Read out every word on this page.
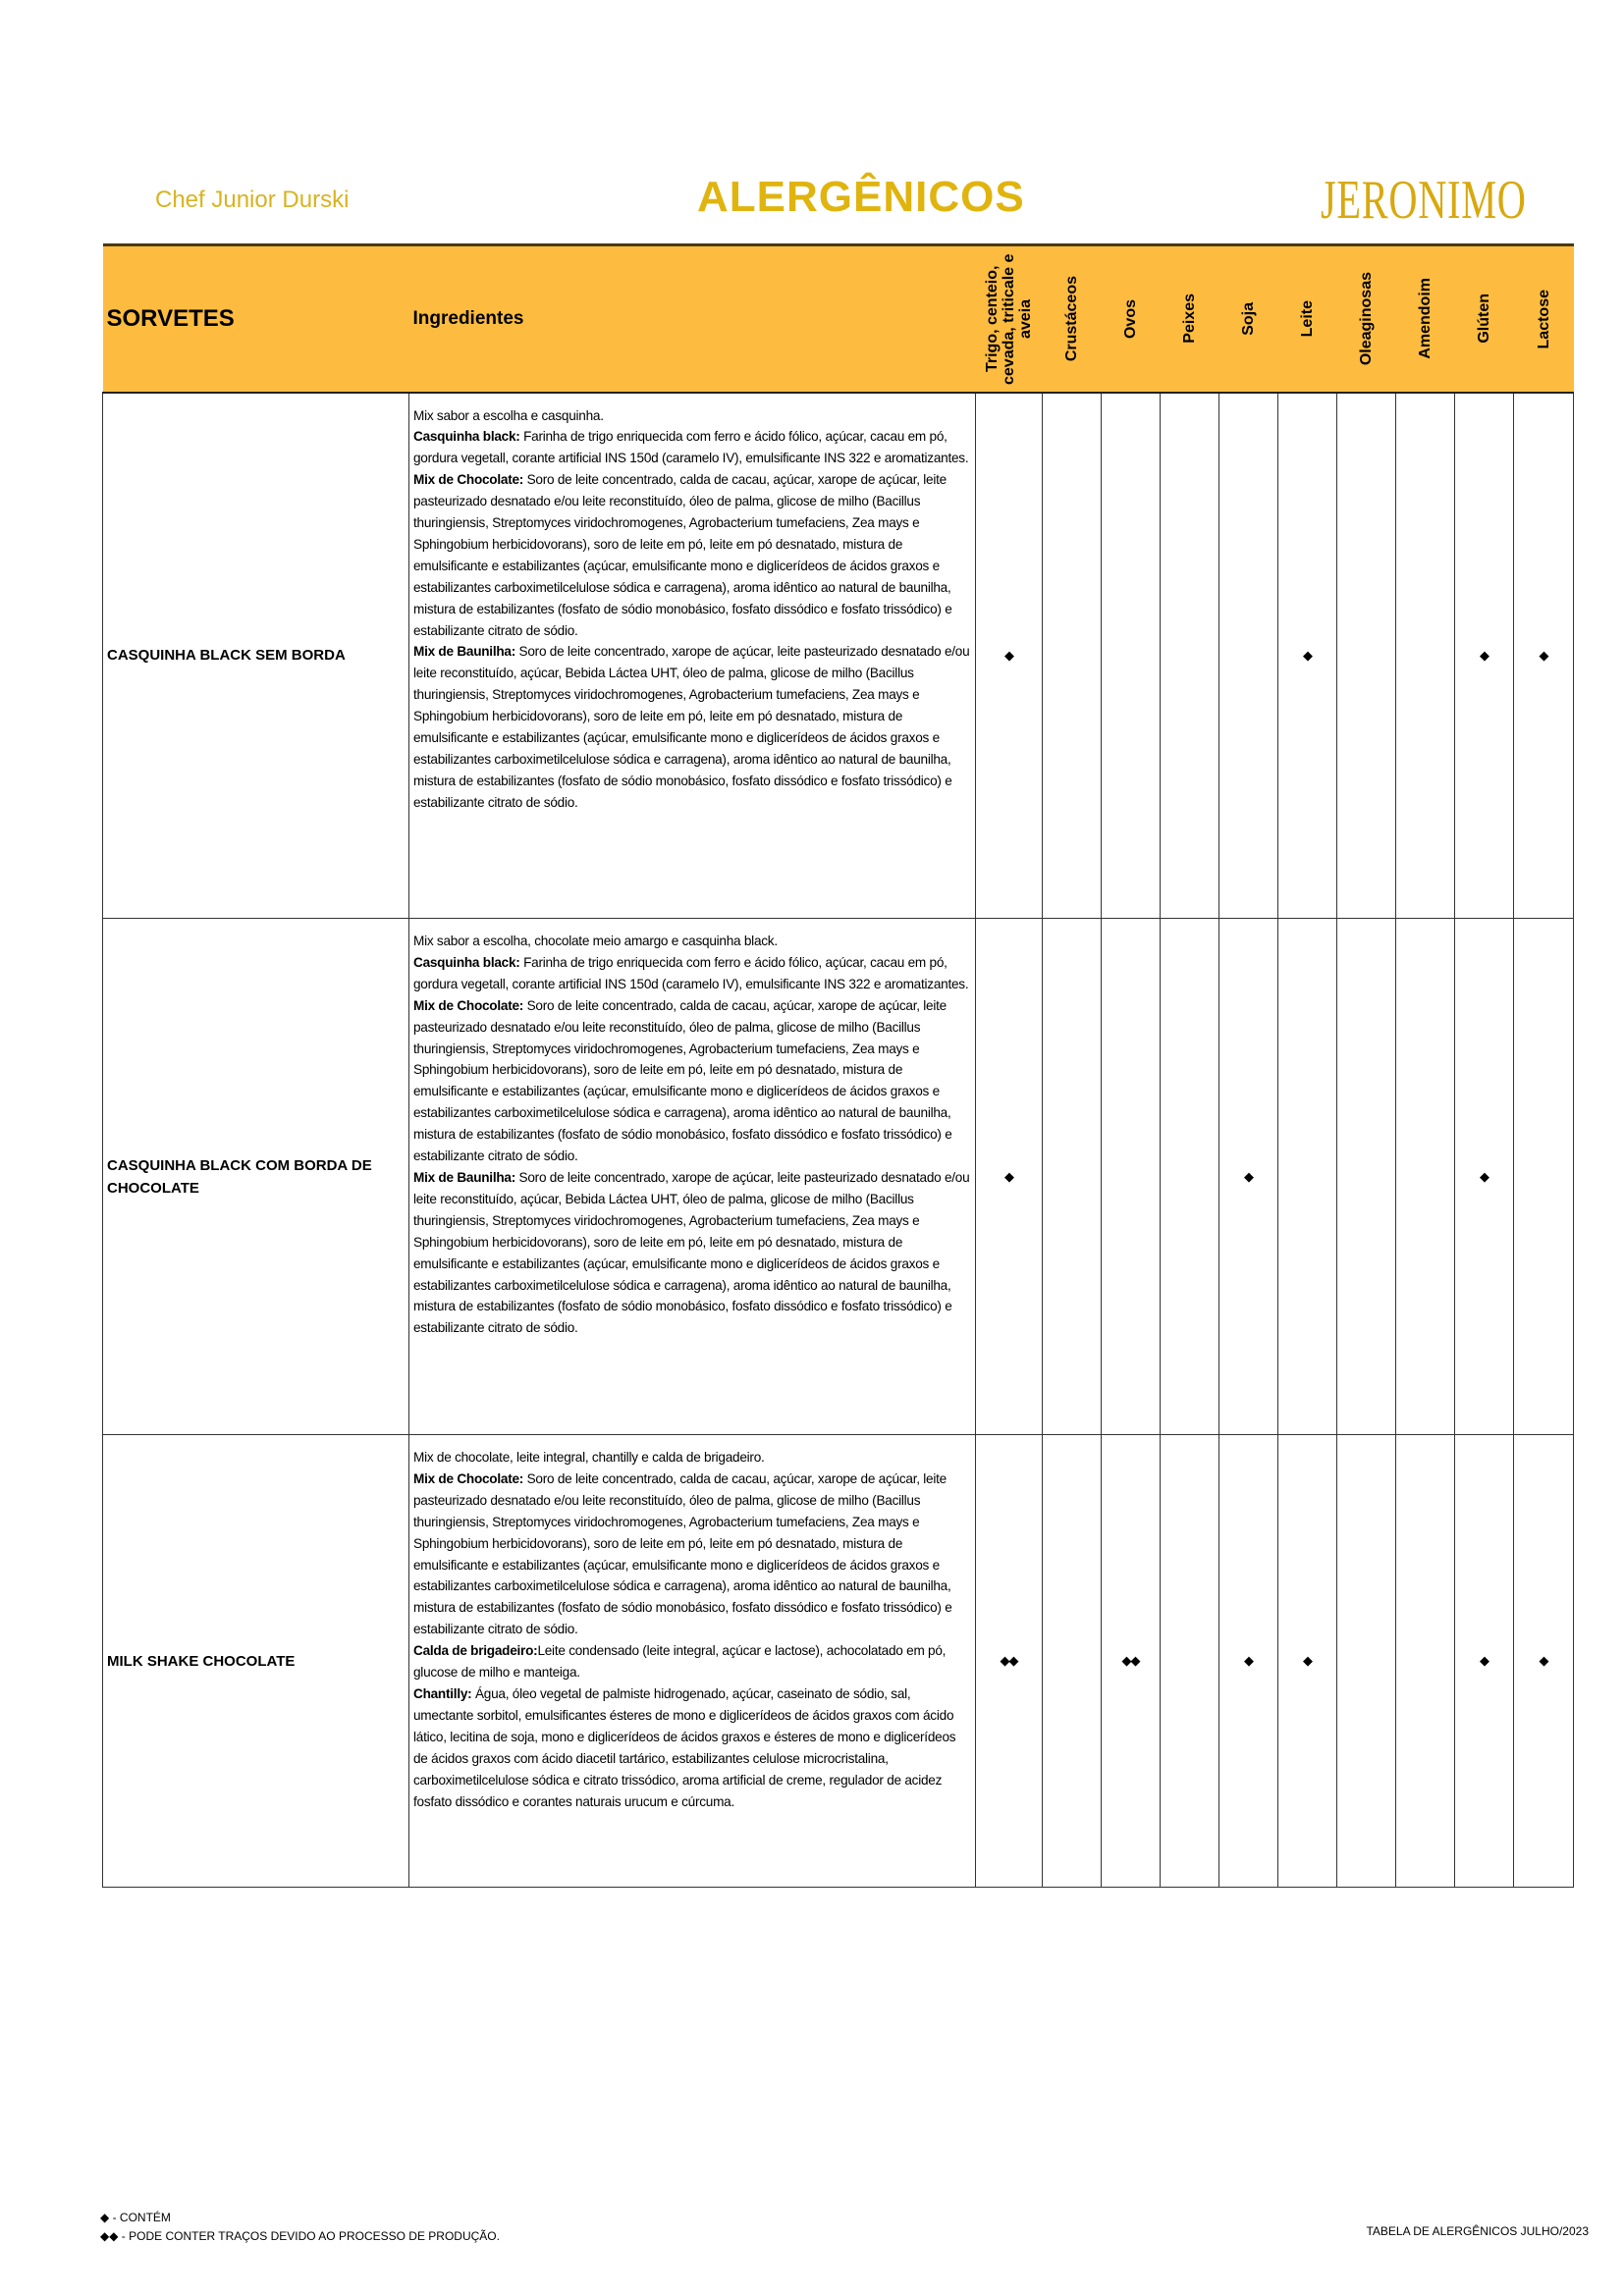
Chef Junior Durski	ALERGÊNICOS	JERONIMO
SORVETES	Ingredientes	Trigo, centeio, cevada, triticale e aveia	Crustáceos	Ovos	Peixes	Soja	Leite	Oleaginosas	Amendoim	Glúten	Lactose

CASQUINHA BLACK SEM BORDA	Mix sabor a escolha e casquinha.

Casquinha black: Farinha de trigo enriquecida com ferro e ácido fólico, açúcar, cacau em pó, gordura vegetall, corante artificial INS 150d (caramelo IV), emulsificante INS 322 e aromatizantes.

Mix de Chocolate: Soro de leite concentrado, calda de cacau, açúcar, xarope de açúcar, leite pasteurizado desnatado e/ou leite reconstituído, óleo de palma, glicose de milho (Bacillus thuringiensis, Streptomyces viridochromogenes, Agrobacterium tumefaciens, Zea mays e Sphingobium herbicidovorans), soro de leite em pó, leite em pó desnatado, mistura de emulsificante e estabilizantes (açúcar, emulsificante mono e diglicerídeos de ácidos graxos e estabilizantes carboximetilcelulose sódica e carragena), aroma idêntico ao natural de baunilha, mistura de estabilizantes (fosfato de sódio monobásico, fosfato dissódico e fosfato trissódico) e estabilizante citrato de sódio.

Mix de Baunilha: Soro de leite concentrado, xarope de açúcar, leite pasteurizado desnatado e/ou leite reconstituído, açúcar, Bebida Láctea UHT, óleo de palma, glicose de milho (Bacillus thuringiensis, Streptomyces viridochromogenes, Agrobacterium tumefaciens, Zea mays e Sphingobium herbicidovorans), soro de leite em pó, leite em pó desnatado, mistura de emulsificante e estabilizantes (açúcar, emulsificante mono e diglicerídeos de ácidos graxos e estabilizantes carboximetilcelulose sódica e carragena), aroma idêntico ao natural de baunilha, mistura de estabilizantes (fosfato de sódio monobásico, fosfato dissódico e fosfato trissódico) e estabilizante citrato de sódio.	◆					◆			◆	◆
CASQUINHA BLACK COM BORDA DE CHOCOLATE	Mix sabor a escolha, chocolate meio amargo e casquinha black.

Casquinha black: Farinha de trigo enriquecida com ferro e ácido fólico, açúcar, cacau em pó, gordura vegetall, corante artificial INS 150d (caramelo IV), emulsificante INS 322 e aromatizantes.

Mix de Chocolate: Soro de leite concentrado, calda de cacau, açúcar, xarope de açúcar, leite pasteurizado desnatado e/ou leite reconstituído, óleo de palma, glicose de milho (Bacillus thuringiensis, Streptomyces viridochromogenes, Agrobacterium tumefaciens, Zea mays e Sphingobium herbicidovorans), soro de leite em pó, leite em pó desnatado, mistura de emulsificante e estabilizantes (açúcar, emulsificante mono e diglicerídeos de ácidos graxos e estabilizantes carboximetilcelulose sódica e carragena), aroma idêntico ao natural de baunilha, mistura de estabilizantes (fosfato de sódio monobásico, fosfato dissódico e fosfato trissódico) e estabilizante citrato de sódio.

Mix de Baunilha: Soro de leite concentrado, xarope de açúcar, leite pasteurizado desnatado e/ou leite reconstituído, açúcar, Bebida Láctea UHT, óleo de palma, glicose de milho (Bacillus thuringiensis, Streptomyces viridochromogenes, Agrobacterium tumefaciens, Zea mays e Sphingobium herbicidovorans), soro de leite em pó, leite em pó desnatado, mistura de emulsificante e estabilizantes (açúcar, emulsificante mono e diglicerídeos de ácidos graxos e estabilizantes carboximetilcelulose sódica e carragena), aroma idêntico ao natural de baunilha, mistura de estabilizantes (fosfato de sódio monobásico, fosfato dissódico e fosfato trissódico) e estabilizante citrato de sódio.	◆				◆				◆	
MILK SHAKE CHOCOLATE	Mix de chocolate, leite integral, chantilly e calda de brigadeiro.

Mix de Chocolate: Soro de leite concentrado, calda de cacau, açúcar, xarope de açúcar, leite pasteurizado desnatado e/ou leite reconstituído, óleo de palma, glicose de milho (Bacillus thuringiensis, Streptomyces viridochromogenes, Agrobacterium tumefaciens, Zea mays e Sphingobium herbicidovorans), soro de leite em pó, leite em pó desnatado, mistura de emulsificante e estabilizantes (açúcar, emulsificante mono e diglicerídeos de ácidos graxos e estabilizantes carboximetilcelulose sódica e carragena), aroma idêntico ao natural de baunilha, mistura de estabilizantes (fosfato de sódio monobásico, fosfato dissódico e fosfato trissódico) e estabilizante citrato de sódio.

Calda de brigadeiro:Leite condensado (leite integral, açúcar e lactose), achocolatado em pó, glucose de milho e manteiga.

Chantilly: Água, óleo vegetal de palmiste hidrogenado, açúcar, caseinato de sódio, sal, umectante sorbitol, emulsificantes ésteres de mono e diglicerídeos de ácidos graxos com ácido lático, lecitina de soja, mono e diglicerídeos de ácidos graxos e ésteres de mono e diglicerídeos de ácidos graxos com ácido diacetil tartárico, estabilizantes celulose microcristalina, carboximetilcelulose sódica e citrato trissódico, aroma artificial de creme, regulador de acidez fosfato dissódico e corantes naturais urucum e cúrcuma.	◆◆		◆◆		◆	◆			◆	◆
◆ - CONTÉM
◆◆ - PODE CONTER TRAÇOS DEVIDO AO PROCESSO DE PRODUÇÃO.	TABELA DE ALERGÊNICOS JULHO/2023
